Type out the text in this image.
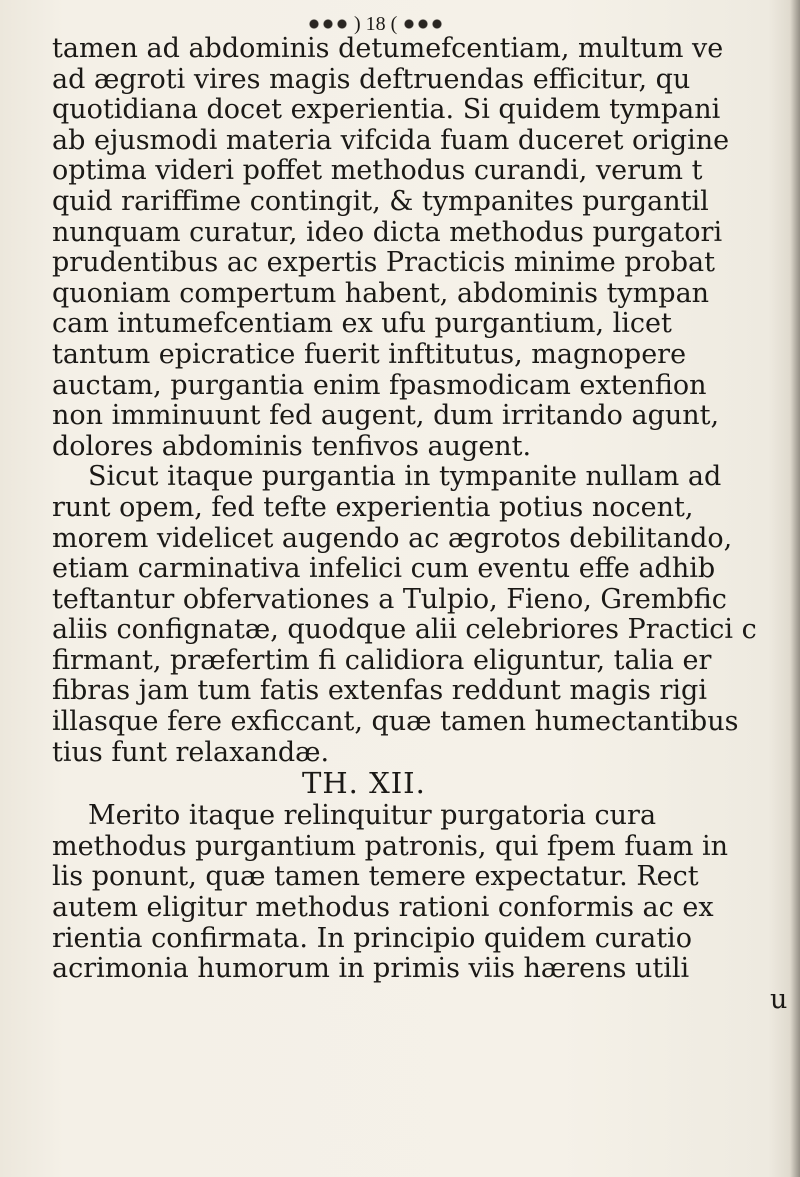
) 18 (
tamen ad abdominis detumefcentiam, multum ve
ad ægroti vires magis deftruendas efficitur, qu
quotidiana docet experientia. Si quidem tympani
ab ejusmodi materia vifcida fuam duceret origine
optima videri poffet methodus curandi, verum t
quid rariffime contingit, & tympanites purgantil
nunquam curatur, ideo dicta methodus purgatori
prudentibus ac expertis Practicis minime probat
quoniam compertum habent, abdominis tympan
cam intumefcentiam ex ufu purgantium, licet
tantum epicratice fuerit inftitutus, magnopere
auctam, purgantia enim fpasmodicam extenfion
non imminuunt fed augent, dum irritando agunt,
dolores abdominis tenfivos augent.
Sicut itaque purgantia in tympanite nullam ad
runt opem, fed tefte experientia potius nocent,
morem videlicet augendo ac ægrotos debilitando,
etiam carminativa infelici cum eventu effe adhib
teftantur obfervationes a Tulpio, Fieno, Grembfic
aliis confignatæ, quodque alii celebriores Practici c
firmant, præfertim fi calidiora eliguntur, talia er
fibras jam tum fatis extenfas reddunt magis rigi
illasque fere exficcant, quæ tamen humectantibus
tius funt relaxandæ.
TH. XII.
Merito itaque relinquitur purgatoria cura
methodus purgantium patronis, qui fpem fuam in
lis ponunt, quæ tamen temere expectatur. Rect
autem eligitur methodus rationi conformis ac ex
rientia confirmata. In principio quidem curatio
acrimonia humorum in primis viis hærens utili
u
